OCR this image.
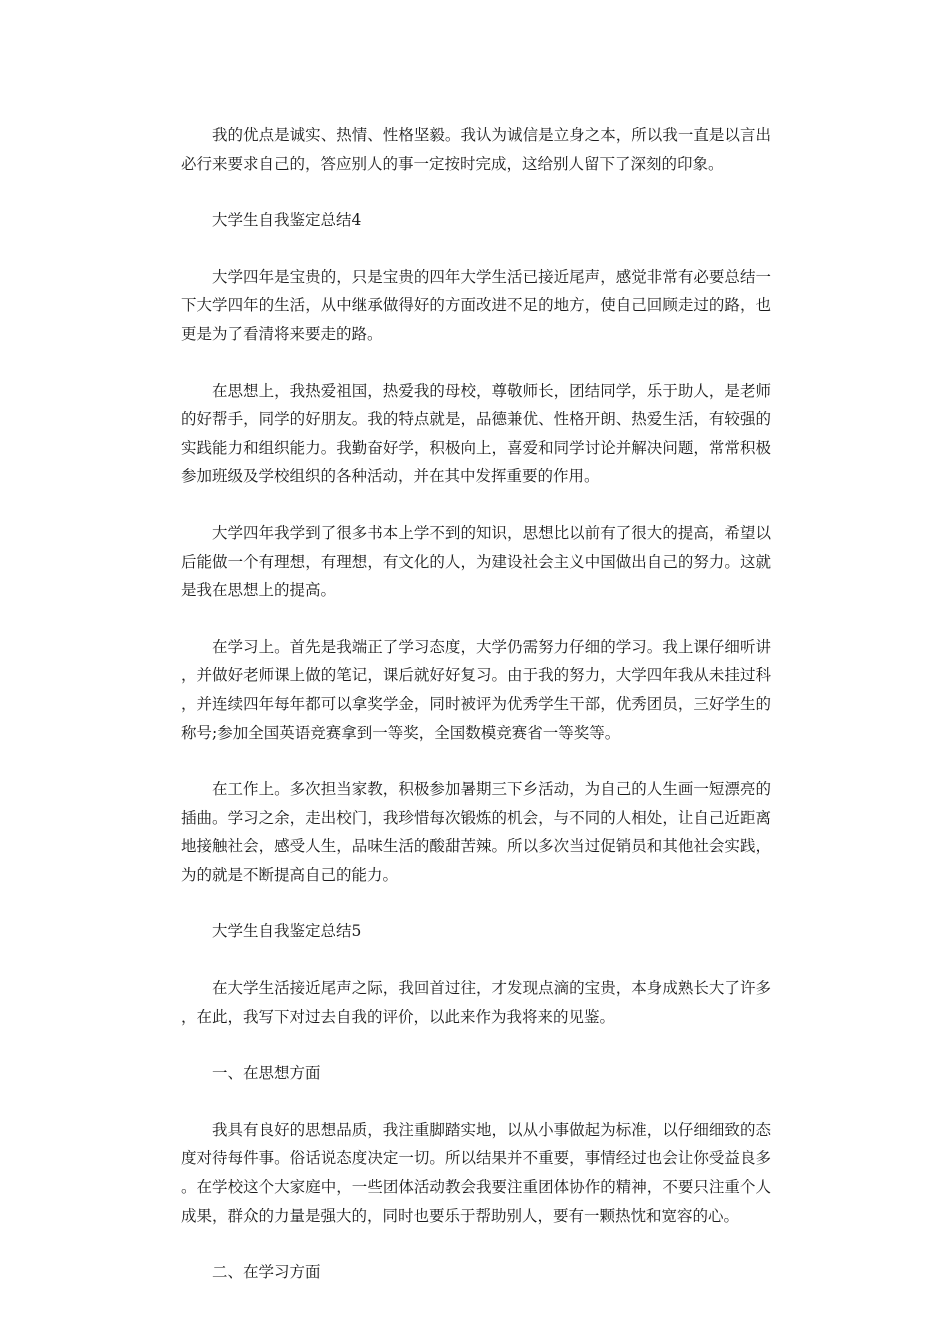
我的优点是诚实、热情、性格坚毅。我认为诚信是立身之本，所以我一直是以言出必行来要求自己的，答应别人的事一定按时完成，这给别人留下了深刻的印象。

大学生自我鉴定总结4

大学四年是宝贵的，只是宝贵的四年大学生活已接近尾声，感觉非常有必要总结一下大学四年的生活，从中继承做得好的方面改进不足的地方，使自己回顾走过的路，也更是为了看清将来要走的路。

在思想上，我热爱祖国，热爱我的母校，尊敬师长，团结同学，乐于助人，是老师的好帮手，同学的好朋友。我的特点就是，品德兼优、性格开朗、热爱生活，有较强的实践能力和组织能力。我勤奋好学，积极向上，喜爱和同学讨论并解决问题，常常积极参加班级及学校组织的各种活动，并在其中发挥重要的作用。

大学四年我学到了很多书本上学不到的知识，思想比以前有了很大的提高，希望以后能做一个有理想，有理想，有文化的人，为建设社会主义中国做出自己的努力。这就是我在思想上的提高。

在学习上。首先是我端正了学习态度，大学仍需努力仔细的学习。我上课仔细听讲，并做好老师课上做的笔记，课后就好好复习。由于我的努力，大学四年我从未挂过科，并连续四年每年都可以拿奖学金，同时被评为优秀学生干部，优秀团员，三好学生的称号;参加全国英语竞赛拿到一等奖，全国数模竞赛省一等奖等。

在工作上。多次担当家教，积极参加暑期三下乡活动，为自己的人生画一短漂亮的插曲。学习之余，走出校门，我珍惜每次锻炼的机会，与不同的人相处，让自己近距离地接触社会，感受人生，品味生活的酸甜苦辣。所以多次当过促销员和其他社会实践，为的就是不断提高自己的能力。

大学生自我鉴定总结5

在大学生活接近尾声之际，我回首过往，才发现点滴的宝贵，本身成熟长大了许多，在此，我写下对过去自我的评价，以此来作为我将来的见鉴。

一、在思想方面

我具有良好的思想品质，我注重脚踏实地，以从小事做起为标准，以仔细细致的态度对待每件事。俗话说态度决定一切。所以结果并不重要，事情经过也会让你受益良多。在学校这个大家庭中，一些团体活动教会我要注重团体协作的精神，不要只注重个人成果，群众的力量是强大的，同时也要乐于帮助别人，要有一颗热忱和宽容的心。

二、在学习方面
